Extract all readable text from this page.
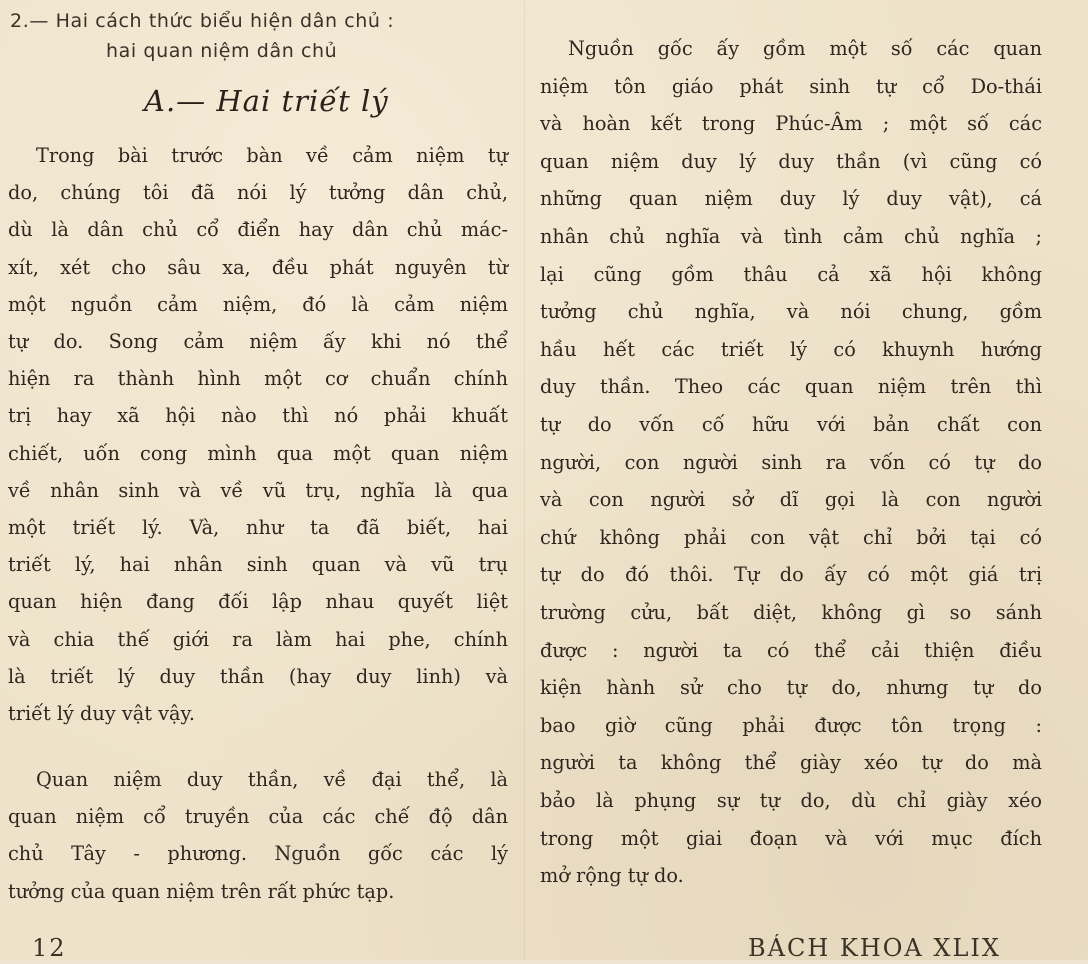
2.— Hai cách thức biểu hiện dân chủ :
hai quan niệm dân chủ
A.— Hai triết lý
Trong bài trước bàn về cảm niệm tự
do, chúng tôi đã nói lý tưởng dân chủ,
dù là dân chủ cổ điển hay dân chủ mác-
xít, xét cho sâu xa, đều phát nguyên từ
một nguồn cảm niệm, đó là cảm niệm
tự do. Song cảm niệm ấy khi nó thể
hiện ra thành hình một cơ chuẩn chính
trị hay xã hội nào thì nó phải khuất
chiết, uốn cong mình qua một quan niệm
về nhân sinh và về vũ trụ, nghĩa là qua
một triết lý. Và, như ta đã biết, hai
triết lý, hai nhân sinh quan và vũ trụ
quan hiện đang đối lập nhau quyết liệt
và chia thế giới ra làm hai phe, chính
là triết lý duy thần (hay duy linh) và
triết lý duy vật vậy.
Quan niệm duy thần, về đại thể, là
quan niệm cổ truyền của các chế độ dân
chủ Tây - phương. Nguồn gốc các lý
tưởng của quan niệm trên rất phức tạp.
12
Nguồn gốc ấy gồm một số các quan
niệm tôn giáo phát sinh tự cổ Do-thái
và hoàn kết trong Phúc-Âm ; một số các
quan niệm duy lý duy thần (vì cũng có
những quan niệm duy lý duy vật), cá
nhân chủ nghĩa và tình cảm chủ nghĩa ;
lại cũng gồm thâu cả xã hội không
tưởng chủ nghĩa, và nói chung, gồm
hầu hết các triết lý có khuynh hướng
duy thần. Theo các quan niệm trên thì
tự do vốn cố hữu với bản chất con
người, con người sinh ra vốn có tự do
và con người sở dĩ gọi là con người
chứ không phải con vật chỉ bởi tại có
tự do đó thôi. Tự do ấy có một giá trị
trường cửu, bất diệt, không gì so sánh
được : người ta có thể cải thiện điều
kiện hành sử cho tự do, nhưng tự do
bao giờ cũng phải được tôn trọng :
người ta không thể giày xéo tự do mà
bảo là phụng sự tự do, dù chỉ giày xéo
trong một giai đoạn và với mục đích
mở rộng tự do.
BÁCH KHOA XLIX
